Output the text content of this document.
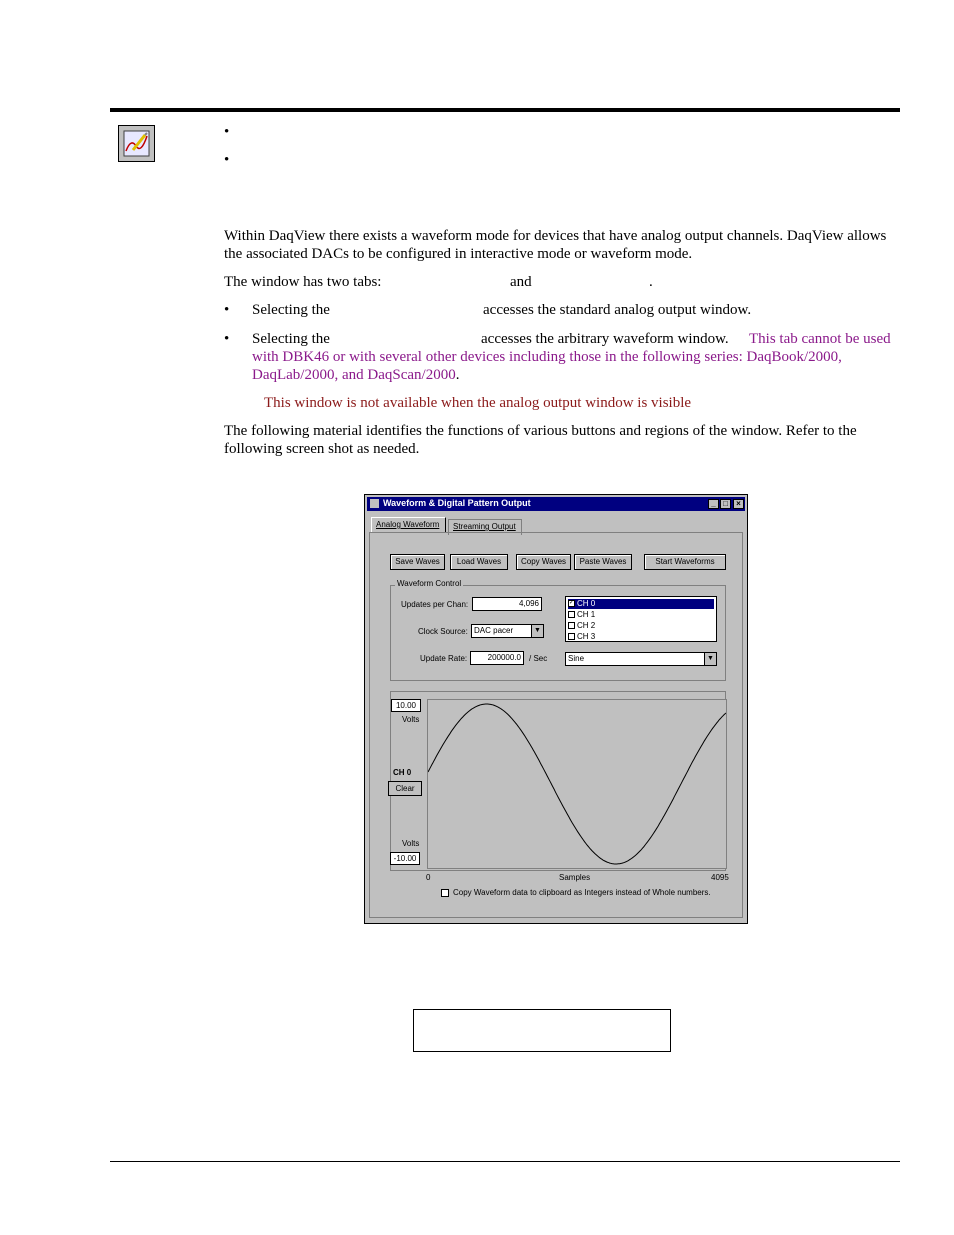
•
•
Within DaqView there exists a waveform mode for devices that have analog output channels. DaqView allows the associated DACs to be configured in interactive mode or waveform mode.
The window has two tabs:	and	.
• Selecting the	accesses the standard analog output window.
• Selecting the	accesses the arbitrary waveform window.	This tab cannot be used with DBK46 or with several other devices including those in the following series: DaqBook/2000, DaqLab/2000, and DaqScan/2000.
This window is not available when the analog output window is visible
The following material identifies the functions of various buttons and regions of the window. Refer to the following screen shot as needed.
Waveform & Digital Pattern Output	_ □	×
Analog Waveform	Streaming Output
Save Waves	Load Waves	Copy Waves	Paste Waves	Start Waveforms
Waveform Control
Updates per Chan:	4,096
Clock Source: DAC pacer	▼
Update Rate:	200000.0	/ Sec
✓ CH 0
CH 1
CH 2
CH 3
Sine	▼
10.00
Volts
CH 0
Clear
Volts
-10.00
0	Samples	4095
Copy Waveform data to clipboard as Integers instead of Whole numbers.
